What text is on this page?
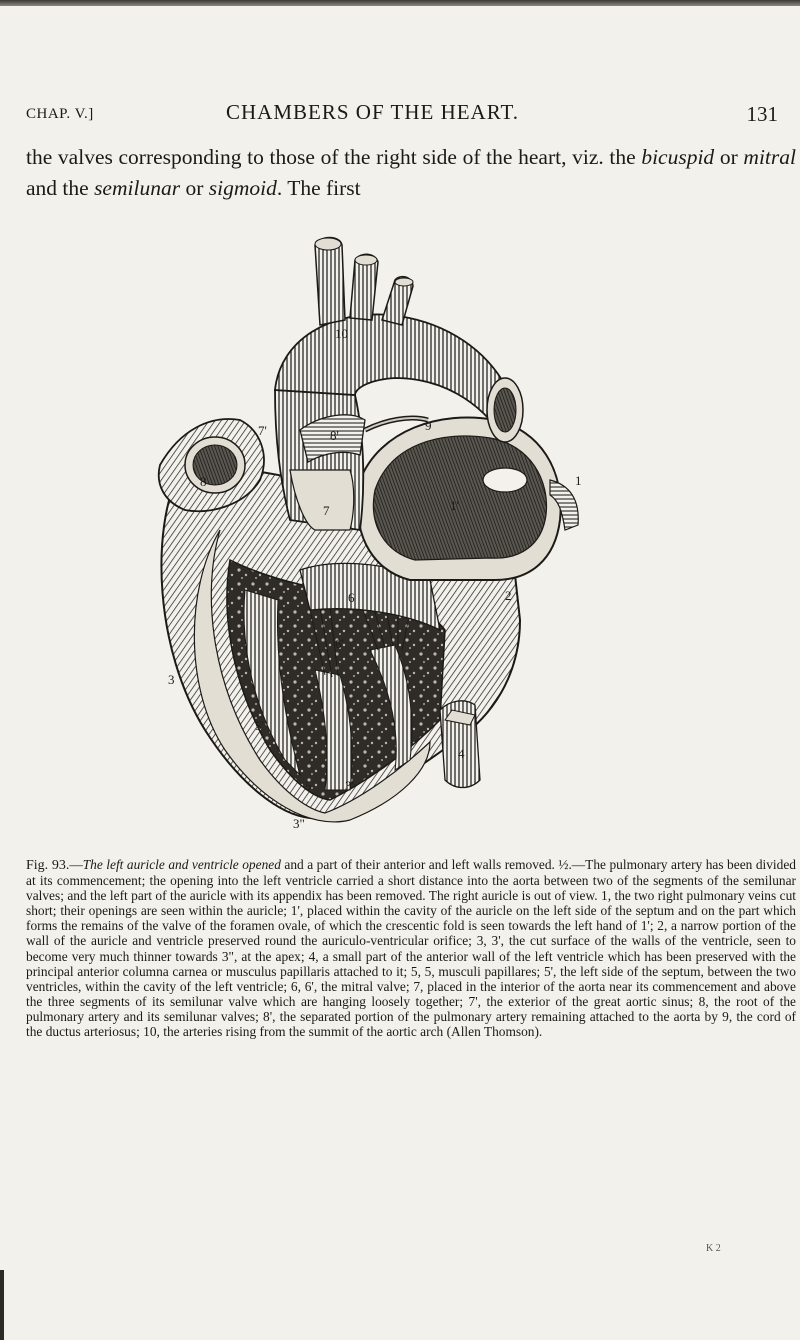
CHAP. V.]	CHAMBERS OF THE HEART.	131
the valves corresponding to those of the right side of the heart, viz. the bicuspid or mitral and the semilunar or sigmoid. The first
10
7'
8
8'
9
7
1
1'
6
6'
2
3
3'
3"
5
5'
4
Fig. 93.—The left auricle and ventricle opened and a part of their anterior and left walls removed. ½.—The pulmonary artery has been divided at its commencement; the opening into the left ventricle carried a short distance into the aorta between two of the segments of the semilunar valves; and the left part of the auricle with its appendix has been removed. The right auricle is out of view. 1, the two right pulmonary veins cut short; their openings are seen within the auricle; 1', placed within the cavity of the auricle on the left side of the septum and on the part which forms the remains of the valve of the foramen ovale, of which the crescentic fold is seen towards the left hand of 1'; 2, a narrow portion of the wall of the auricle and ventricle preserved round the auriculo-ventricular orifice; 3, 3', the cut surface of the walls of the ventricle, seen to become very much thinner towards 3", at the apex; 4, a small part of the anterior wall of the left ventricle which has been preserved with the principal anterior columna carnea or musculus papillaris attached to it; 5, 5, musculi papillares; 5', the left side of the septum, between the two ventricles, within the cavity of the left ventricle; 6, 6', the mitral valve; 7, placed in the interior of the aorta near its commencement and above the three segments of its semilunar valve which are hanging loosely together; 7', the exterior of the great aortic sinus; 8, the root of the pulmonary artery and its semilunar valves; 8', the separated portion of the pulmonary artery remaining attached to the aorta by 9, the cord of the ductus arteriosus; 10, the arteries rising from the summit of the aortic arch (Allen Thomson).
K 2
